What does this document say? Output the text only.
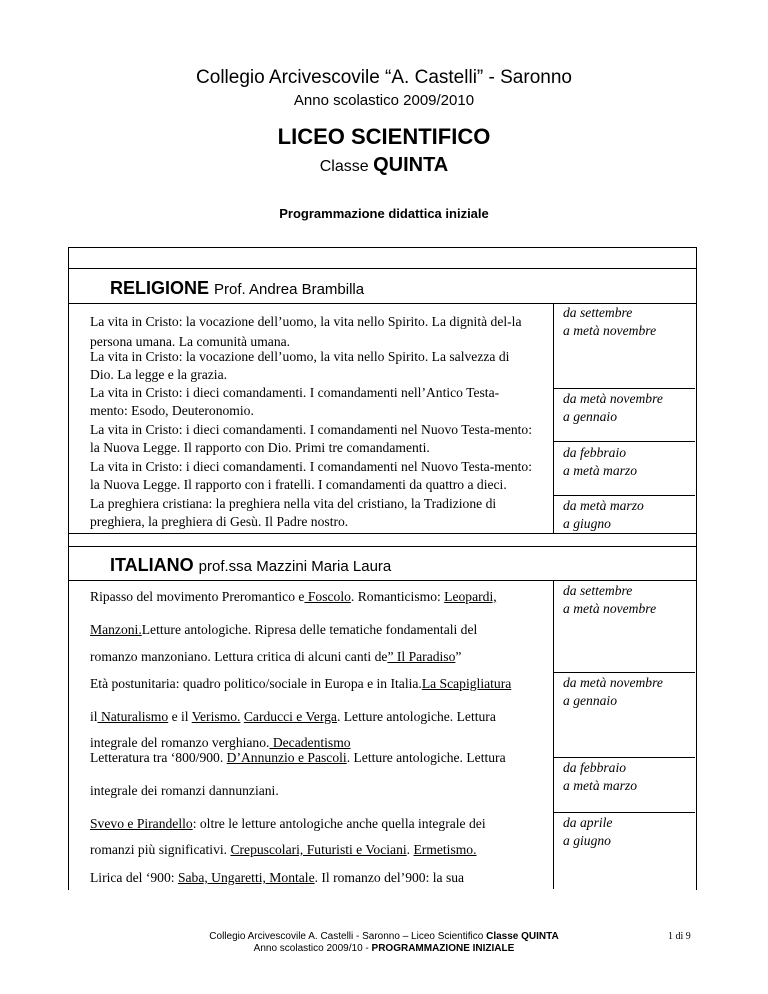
Collegio Arcivescovile “A. Castelli” - Saronno
Anno scolastico 2009/2010
LICEO SCIENTIFICO
Classe QUINTA
Programmazione didattica iniziale
RELIGIONE Prof. Andrea Brambilla
La vita in Cristo: la vocazione dell’uomo, la vita nello Spirito. La dignità del-la persona umana. La comunità umana.
da settembre
a metà novembre
La vita in Cristo: la vocazione dell’uomo, la vita nello Spirito. La salvezza di Dio. La legge e la grazia.
La vita in Cristo: i dieci comandamenti. I comandamenti nell’Antico Testa-mento: Esodo, Deuteronomio.
da metà novembre
a gennaio
La vita in Cristo: i dieci comandamenti. I comandamenti nel Nuovo Testa-mento: la Nuova Legge. Il rapporto con Dio. Primi tre comandamenti.
La vita in Cristo: i dieci comandamenti. I comandamenti nel Nuovo Testa-mento: la Nuova Legge. Il rapporto con i fratelli. I comandamenti da quattro a dieci.
da febbraio
a metà marzo
La preghiera cristiana: la preghiera nella vita del cristiano, la Tradizione di preghiera, la preghiera di Gesù. Il Padre nostro.
da metà marzo
a giugno
ITALIANO prof.ssa Mazzini Maria Laura
Ripasso del movimento Preromantico e Foscolo. Romanticismo: Leopardi,
Manzoni.Letture antologiche. Ripresa delle tematiche fondamentali del
romanzo manzoniano. Lettura critica di alcuni canti de” Il Paradiso”
Età postunitaria: quadro politico/sociale in Europa e in Italia.La Scapigliatura
il Naturalismo e il Verismo. Carducci e Verga. Letture antologiche. Lettura
integrale del romanzo verghiano. Decadentismo
Letteratura tra ‘800/900. D’Annunzio e Pascoli. Letture antologiche. Lettura
integrale dei romanzi dannunziani.
Svevo e Pirandello: oltre le letture antologiche anche quella integrale dei
romanzi più significativi. Crepuscolari, Futuristi e Vociani. Ermetismo.
Lirica del ‘900: Saba, Ungaretti, Montale. Il romanzo del’900: la sua
da settembre
a metà novembre
da metà novembre
a gennaio
da febbraio
a metà marzo
da aprile
a giugno
Collegio Arcivescovile A. Castelli - Saronno – Liceo Scientifico Classe QUINTA
Anno scolastico 2009/10 - PROGRAMMAZIONE INIZIALE
1 di 9
